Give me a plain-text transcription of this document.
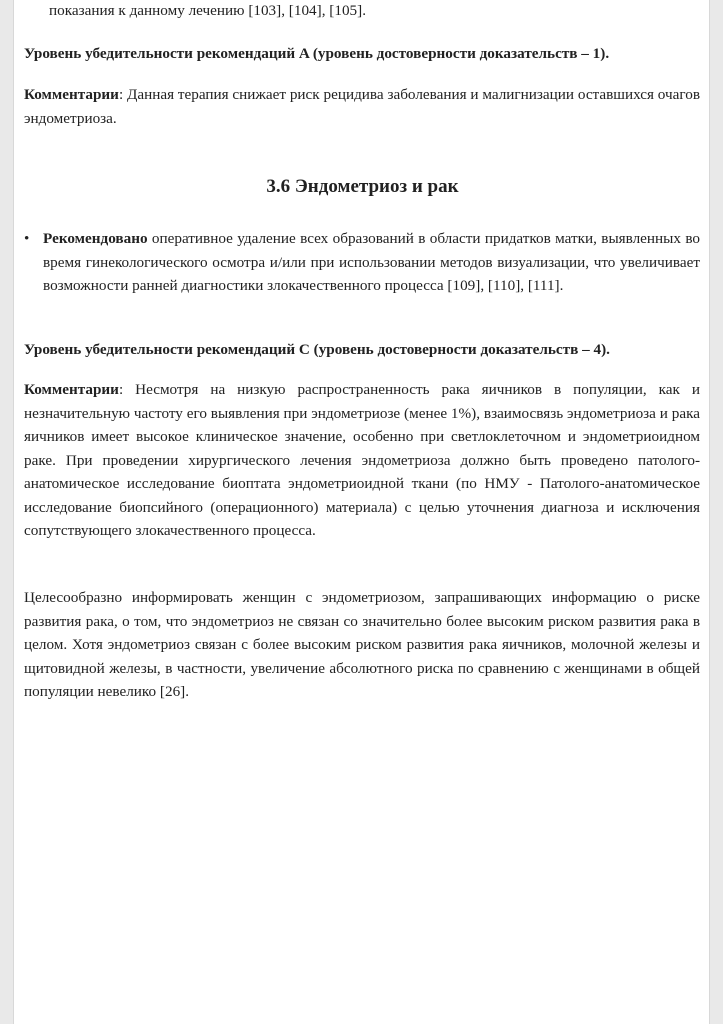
показания к данному лечению [103], [104], [105].
Уровень убедительности рекомендаций A (уровень достоверности доказательств – 1).

Комментарии: Данная терапия снижает риск рецидива заболевания и малигнизации оставшихся очагов эндометриоза.

3.6 Эндометриоз и рак
• Рекомендовано оперативное удаление всех образований в области придатков матки, выявленных во время гинекологического осмотра и/или при использовании методов визуализации, что увеличивает возможности ранней диагностики злокачественного процесса [109], [110], [111].
Уровень убедительности рекомендаций C (уровень достоверности доказательств – 4).

Комментарии: Несмотря на низкую распространенность рака яичников в популяции, как и незначительную частоту его выявления при эндометриозе (менее 1%), взаимосвязь эндометриоза и рака яичников имеет высокое клиническое значение, особенно при светлоклеточном и эндометриоидном раке. При проведении хирургического лечения эндометриоза должно быть проведено патолого-анатомическое исследование биоптата эндометриоидной ткани (по НМУ - Патолого-анатомическое исследование биопсийного (операционного) материала) с целью уточнения диагноза и исключения сопутствующего злокачественного процесса.

Целесообразно информировать женщин с эндометриозом, запрашивающих информацию о риске развития рака, о том, что эндометриоз не связан со значительно более высоким риском развития рака в целом. Хотя эндометриоз связан с более высоким риском развития рака яичников, молочной железы и щитовидной железы, в частности, увеличение абсолютного риска по сравнению с женщинами в общей популяции невелико [26].
